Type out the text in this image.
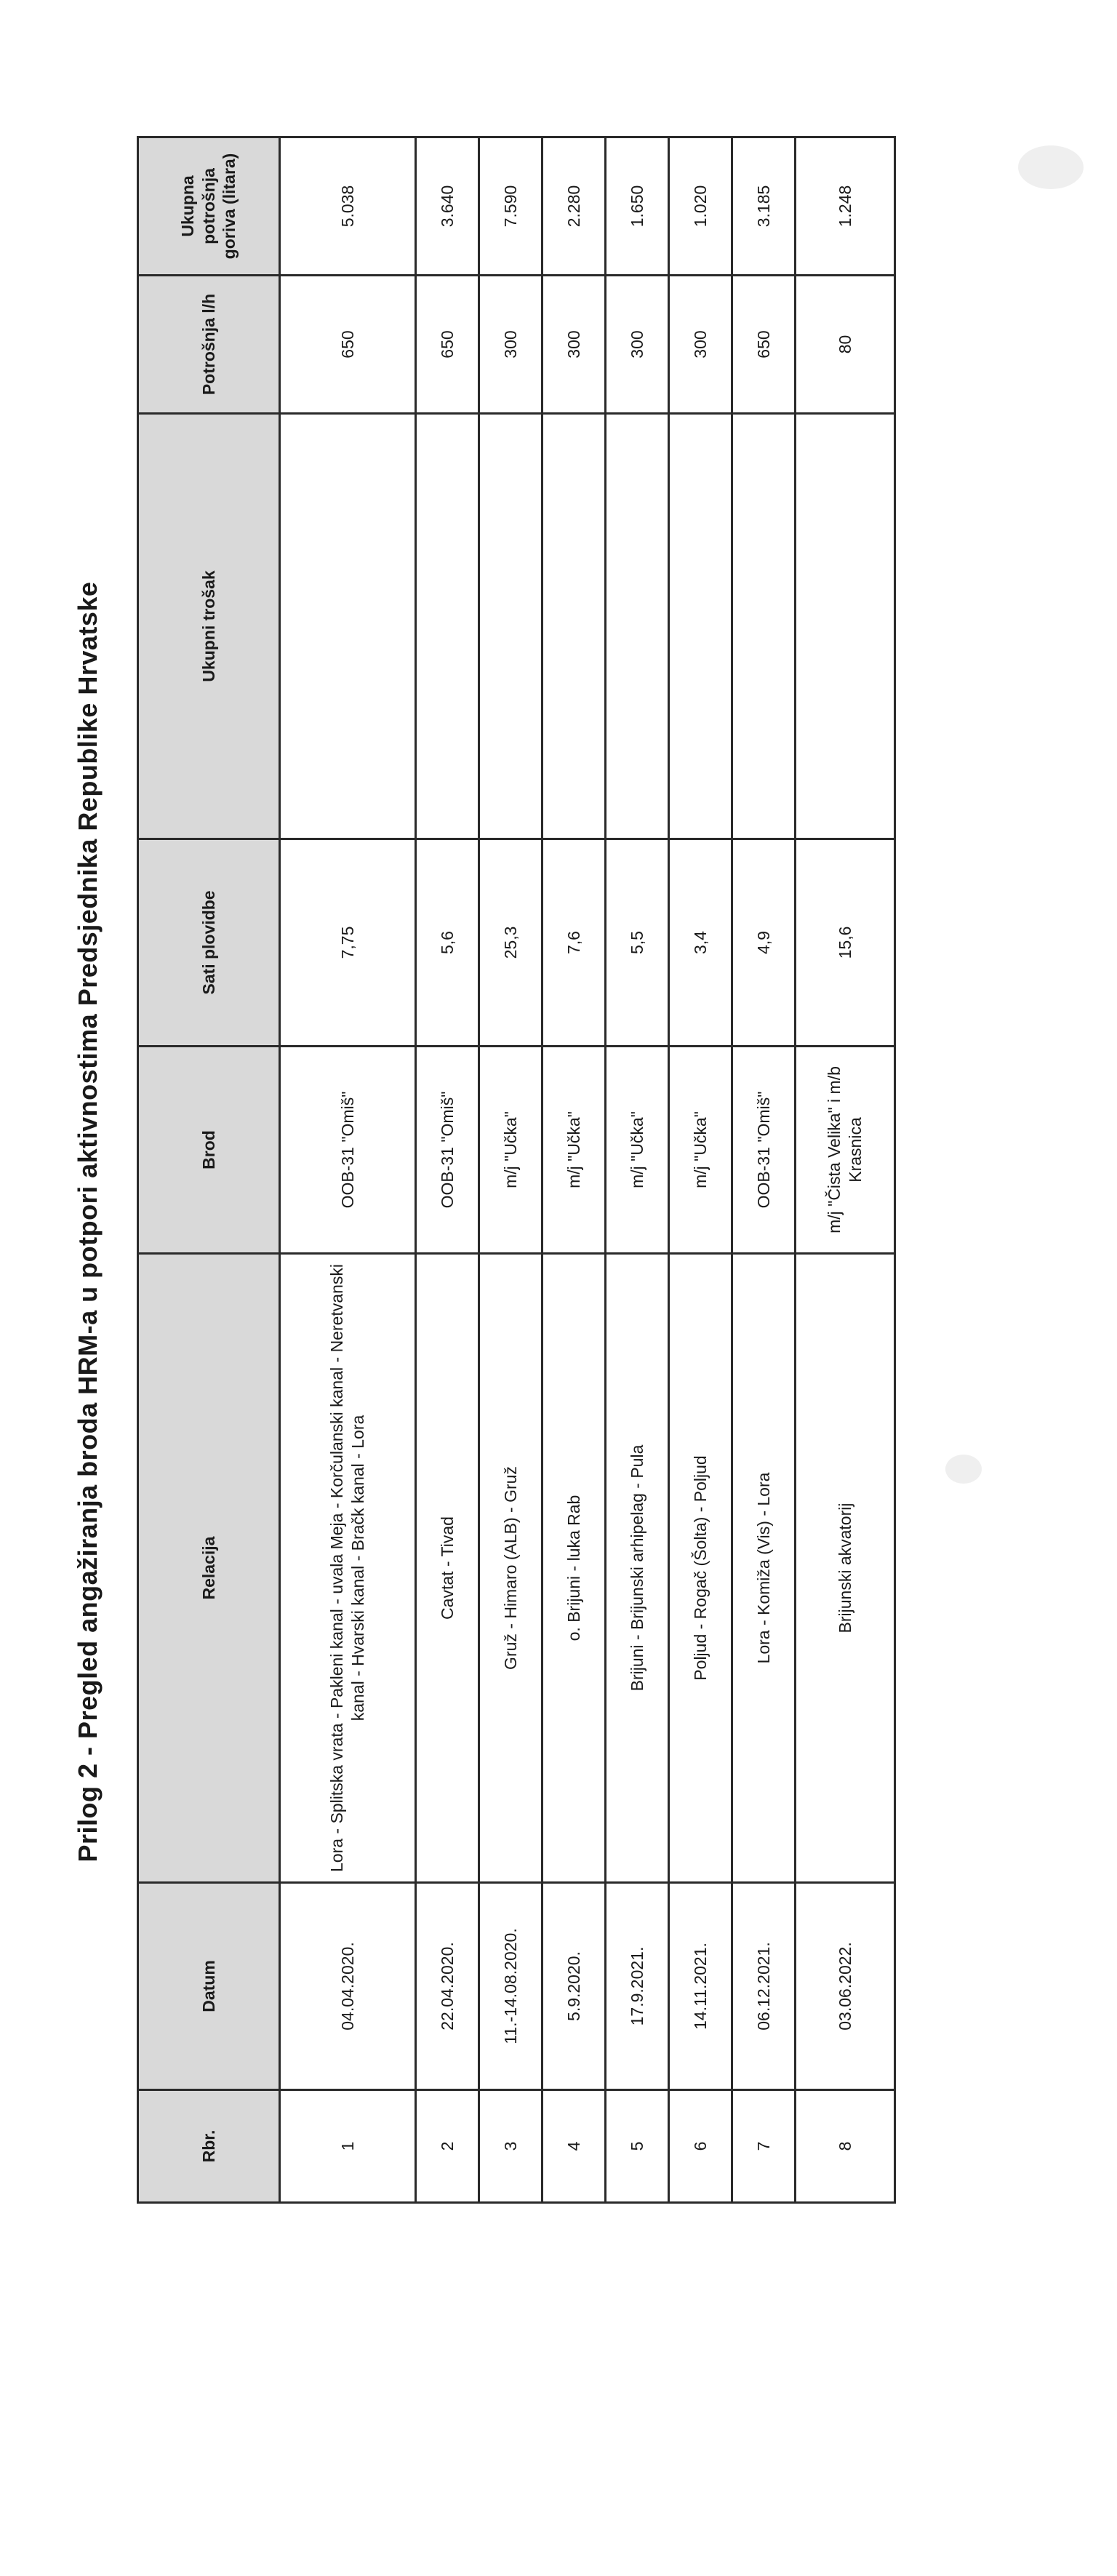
Prilog 2 - Pregled angažiranja broda HRM-a u potpori aktivnostima Predsjednika Republike Hrvatske
Rbr.	Datum	Relacija	Brod	Sati plovidbe	Ukupni trošak	Potrošnja l/h	Ukupna potrošnja goriva (litara)
1	04.04.2020.	Lora - Splitska vrata - Pakleni kanal - uvala Meja - Korčulanski kanal - Neretvanski kanal - Hvarski kanal - Bračk kanal - Lora	OOB-31 "Omiš"	7,75		650	5.038
2	22.04.2020.	Cavtat - Tivad	OOB-31 "Omiš"	5,6		650	3.640
3	11.-14.08.2020.	Gruž - Himaro (ALB) - Gruž	m/j "Učka"	25,3		300	7.590
4	5.9.2020.	o. Brijuni - luka Rab	m/j "Učka"	7,6		300	2.280
5	17.9.2021.	Brijuni - Brijunski arhipelag - Pula	m/j "Učka"	5,5		300	1.650
6	14.11.2021.	Poljud - Rogač (Šolta) - Poljud	m/j "Učka"	3,4		300	1.020
7	06.12.2021.	Lora - Komiža (Vis) - Lora	OOB-31 "Omiš"	4,9		650	3.185
8	03.06.2022.	Brijunski akvatorij	m/j "Čista Velika" i m/b Krasnica	15,6		80	1.248
